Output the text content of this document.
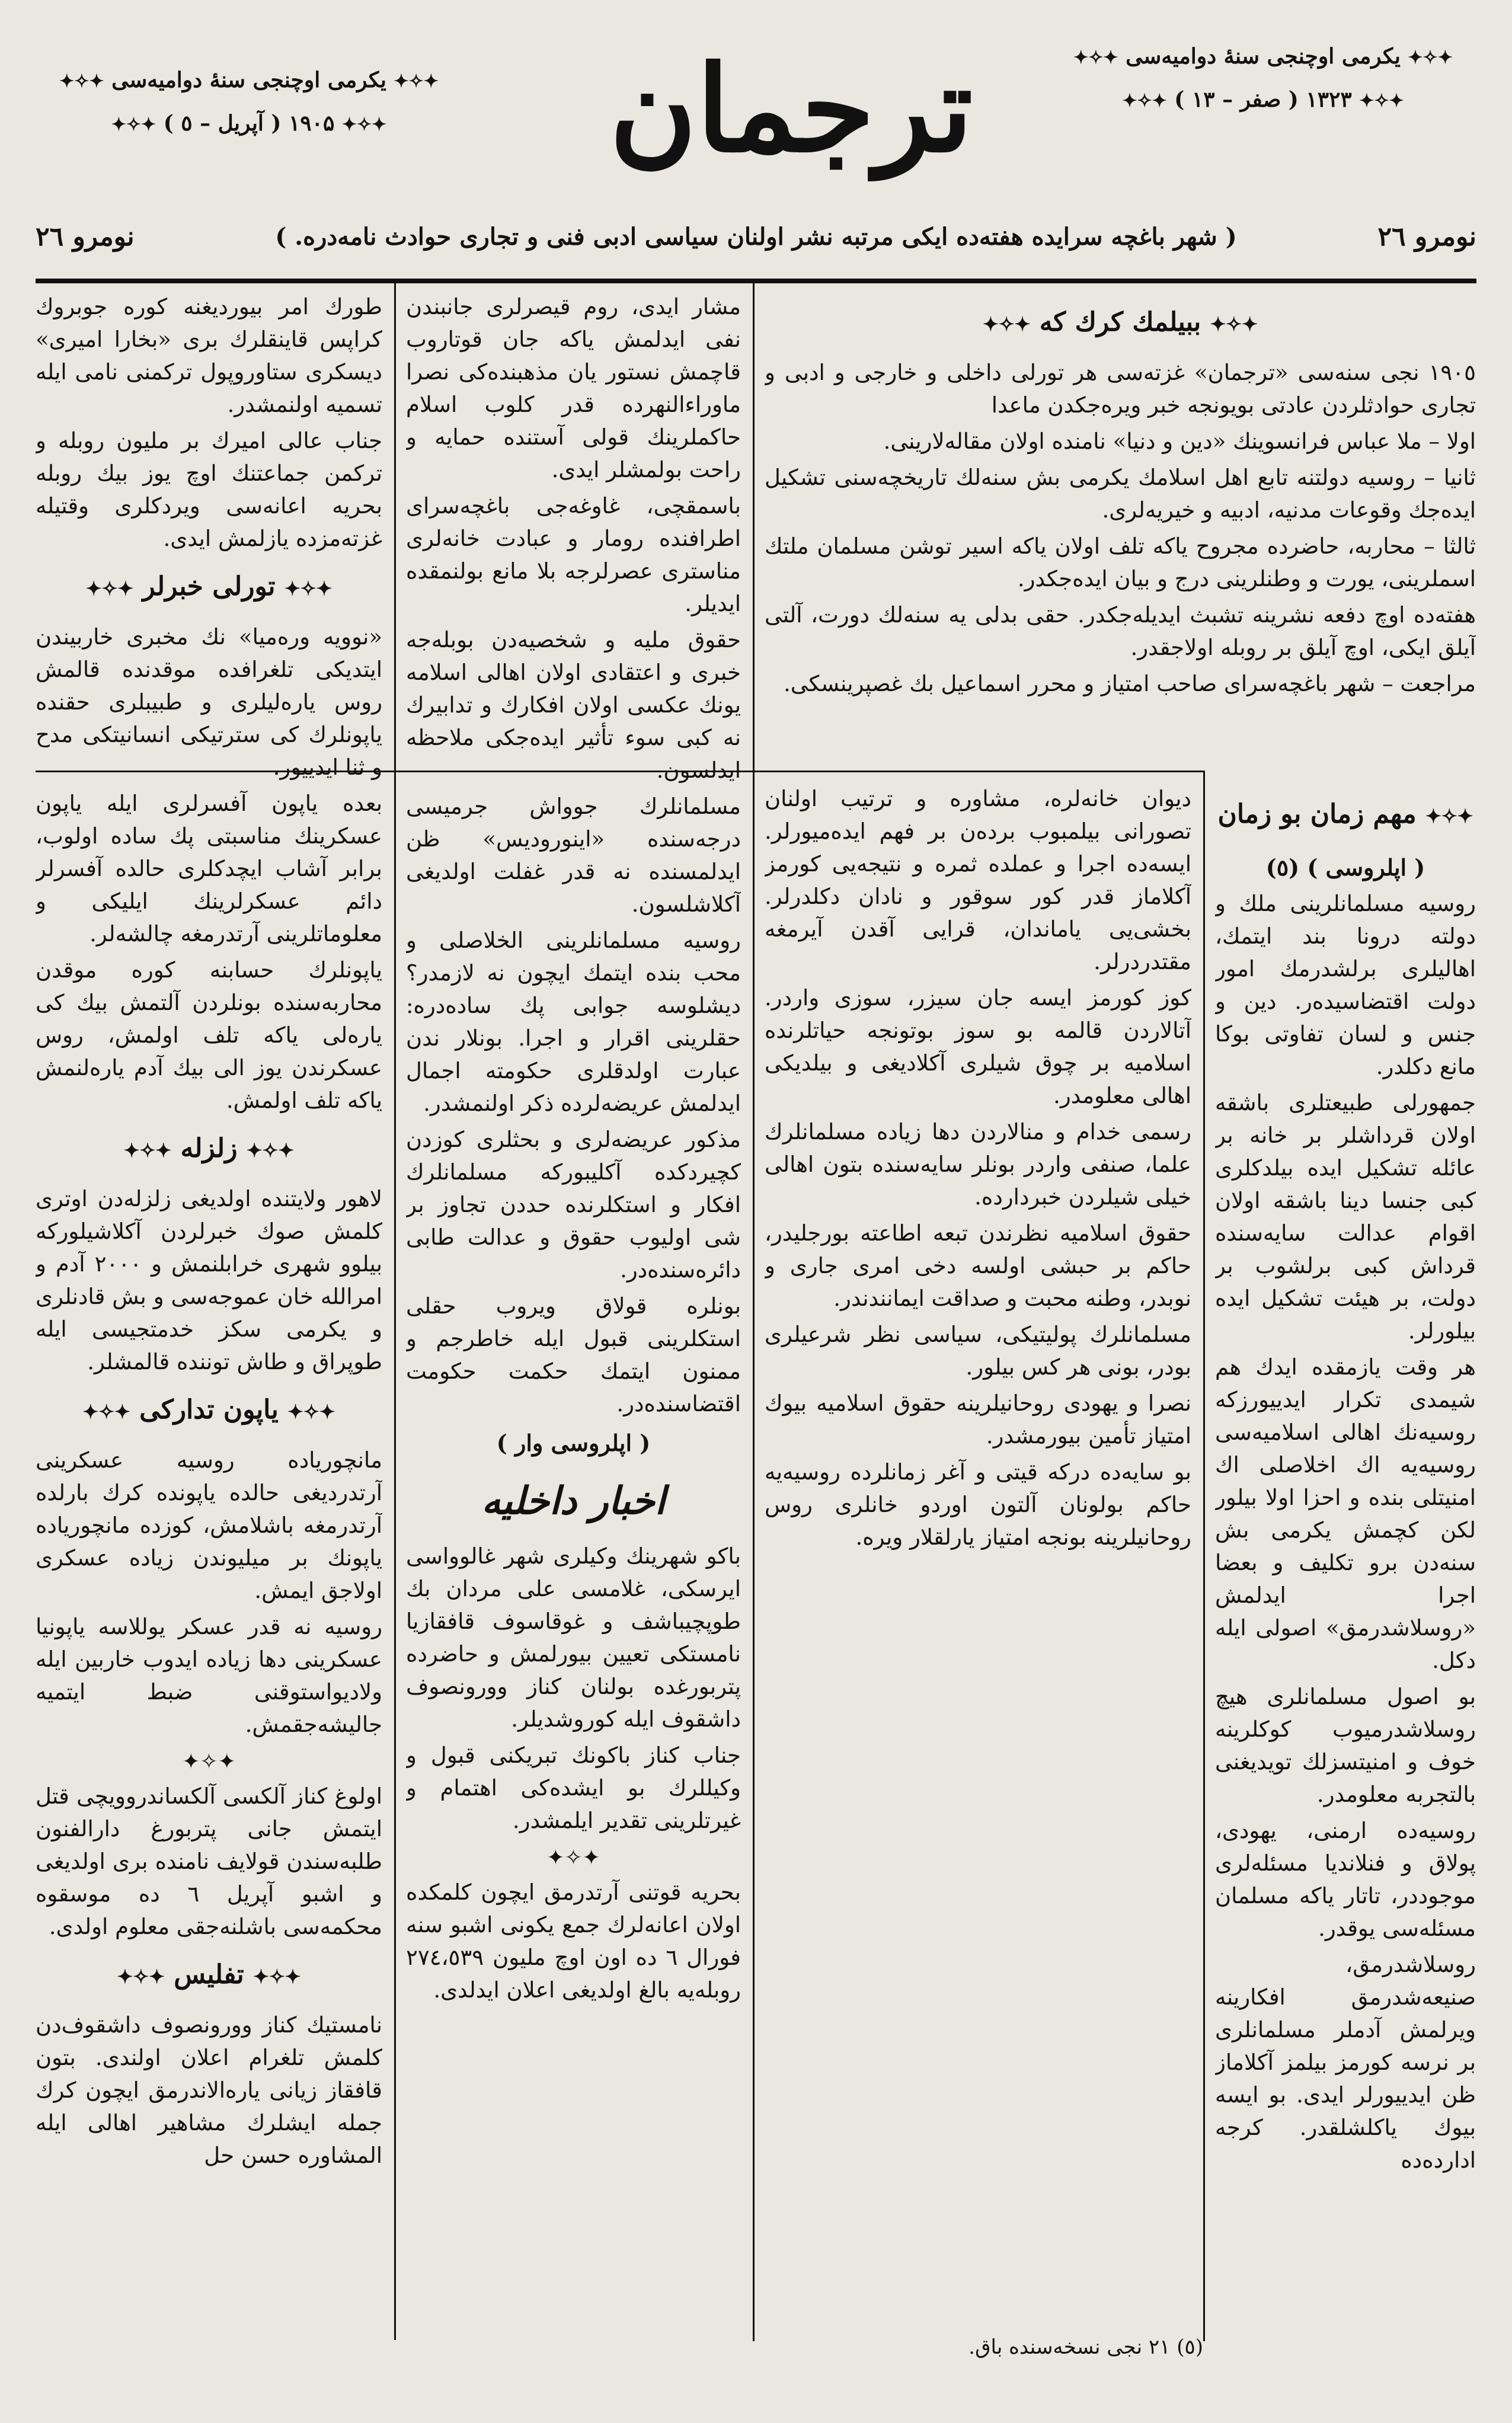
✦✧✦ یکرمی اوچنجی سنهٔ دوامیه‌سی ✦✧✦
✦✧✦ ۱۳۲۳ ( صفر – ۱۳ ) ✦✧✦
ترجمان
✦✧✦ یکرمی اوچنجی سنهٔ دوامیه‌سی ✦✧✦
✦✧✦ ۱۹۰۵ ( آپریل – ٥ ) ✦✧✦
نومرو ۲٦
( شهر باغچه سرایده هفته‌ده ایکی مرتبه نشر اولنان سیاسی ادبی فنی و تجاری حوادث نامه‌دره. )
نومرو ۲٦
✦✧✦ ببیلمك كرك كه ✦✧✦

۱۹۰٥ نجی سنه‌سی «ترجمان» غزته‌سی هر تورلی داخلی و خارجی و ادبی و تجاری حوادثلردن عادتی بویونجه خبر ویره‌جکدن ماعدا

اولا – ملا عباس فرانسوینك «دین و دنیا» نامنده اولان مقاله‌لارینی.

ثانیا – روسیه دولتنه تابع اهل اسلامك یکرمی بش سنه‌لك تاریخچه‌سنی تشکیل ایده‌جك وقوعات مدنیه، ادبیه و خیریه‌لری.

ثالثا – محاربه، حاضرده مجروح یاکه تلف اولان یاکه اسیر توشن مسلمان ملتك اسملرینی، یورت و وطنلرینی درج و بیان ایده‌جکدر.

هفته‌ده اوچ دفعه نشرینه تشبث ایدیله‌جکدر. حقی بدلی یه سنه‌لك دورت، آلتی آیلق ایکی، اوچ آیلق بر روبله اولاجقدر.

مراجعت – شهر باغچه‌سرای صاحب امتیاز و محرر اسماعیل بك غصپرینسکی.

✦✧✦ مهم زمان بو زمان
( اپلروسی ) (٥)

روسیه مسلمانلرینی ملك و دولته درونا بند ایتمك، اهالیلری برلشدرمك امور دولت اقتضاسیده‌ر. دین و جنس و لسان تفاوتی بوکا مانع دکلدر.

جمهورلی طبیعتلری باشقه اولان قرداشلر بر خانه بر عائله تشکیل ایده بیلدکلری کبی جنسا دینا باشقه اولان اقوام عدالت سایه‌سنده قرداش کبی برلشوب بر دولت، بر هیئت تشکیل ایده بیلورلر.

هر وقت یازمقده ایدك هم شیمدی تکرار ایدییورزکه روسیه‌نك اهالی اسلامیه‌سی روسیه‌یه اك اخلاصلی اك امنیتلی بنده و احزا اولا بیلور لکن کچمش یکرمی بش سنه‌دن برو تکلیف و بعضا اجرا ایدلمش «روسلاشدرمق» اصولی ایله دکل.

بو اصول مسلمانلری هیچ روسلاشدرمیوب کوکلرینه خوف و امنیتسزلك تویدیغنی بالتجربه معلومدر.

روسیه‌ده ارمنی، یهودی، پولاق و فنلاندیا مسئله‌لری موجوددر، تاتار یاکه مسلمان مسئله‌سی یوقدر.

روسلاشدرمق، صنیعه‌شدرمق افکارینه ویرلمش آدملر مسلمانلری بر نرسه کورمز بیلمز آکلاماز ظن ایدییورلر ایدی. بو ایسه بیوك یاکلشلقدر. کرجه ادارده‌ده

دیوان خانه‌لره، مشاوره و ترتیب اولنان تصورانی بیلمبوب برده‌ن بر فهم ایده‌میورلر. ایسه‌ده اجرا و عملده ثمره و نتیجه‌یی کورمز آکلاماز قدر کور سوقور و نادان دکلدرلر. بخشی‌یی یاماندان، قرایی آقدن آیرمغه مقتدردرلر.

کوز کورمز ایسه جان سیزر، سوزی واردر. آتالاردن قالمه بو سوز بوتونجه حیاتلرنده اسلامیه بر چوق شیلری آکلادیغی و بیلدیکی اهالی معلومدر.

رسمی خدام و منالاردن دها زیاده مسلمانلرك علما، صنفی واردر بونلر سایه‌سنده بتون اهالی خیلی شیلردن خبردارده.

حقوق اسلامیه نظرندن تبعه اطاعته بورجلیدر، حاکم بر حبشی اولسه دخی امری جاری و نوبدر، وطنه محبت و صداقت ایمانندندر.

مسلمانلرك پولیتیکی، سیاسی نظر شرعیلری بودر، بونی هر کس بیلور.

نصرا و یهودی روحانیلرینه حقوق اسلامیه بیوك امتیاز تأمین بیورمشدر.

بو سایه‌ده درکه قیتی و آغر زمانلرده روسیه‌یه حاکم بولونان آلتون اوردو خانلری روس روحانیلرینه بونجه امتیاز یارلقلار ویره.

مشار ایدی، روم قیصرلری جانبندن نفی ایدلمش یاکه جان قوتاروب قاچمش نستور یان مذهبنده‌کی نصرا ماوراءالنهرده قدر کلوب اسلام حاکملرینك قولی آستنده حمایه و راحت بولمشلر ایدی.

باسمقچی، غاوغه‌جی باغچه‌سرای اطرافنده رومار و عبادت خانه‌لری مناستری عصرلرجه بلا مانع بولنمقده ایدیلر.

حقوق ملیه و شخصیه‌دن بوبله‌جه خبری و اعتقادی اولان اهالی اسلامه یونك عکسی اولان افکارك و تدابیرك نه کبی سوء تأثیر ایده‌جکی ملاحظه ایدلسون.

مسلمانلرك جوواش جرمیسی درجه‌سنده «اینورودیس» ظن ایدلمسنده نه قدر غفلت اولدیغی آکلاشلسون.

روسیه مسلمانلرینی الخلاصلی و محب بنده ایتمك ایچون نه لازمدر؟ دیشلوسه جوابی پك ساده‌دره: حقلرینی اقرار و اجرا. بونلار ندن عبارت اولدقلری حکومته اجمال ایدلمش عریضه‌لرده ذکر اولنمشدر.

مذکور عریضه‌لری و بحثلری کوزدن کچیردکده آکلیبورکه مسلمانلرك افکار و استکلرنده حددن تجاوز بر شی اولیوب حقوق و عدالت طابی دائره‌سنده‌در.

بونلره قولاق ویروب حقلی استکلرینی قبول ایله خاطرجم و ممنون ایتمك حکمت حکومت اقتضاسنده‌در.

( اپلروسی وار )
اخبار داخلیه

باکو شهرینك وکیلری شهر غالوواسی ایرسکی، غلامسی علی مردان بك طوپچیباشف و غوقاسوف قافقازیا نامستکی تعیین بیورلمش و حاضرده پتربورغده بولنان کناز وورونصوف داشقوف ایله کوروشدیلر.

جناب کناز باکونك تبریکنی قبول و وکیللرك بو ایشده‌کی اهتمام و غیرتلرینی تقدیر ایلمشدر.

✦✧✦

بحریه قوتنی آرتدرمق ایچون کلمکده اولان اعانه‌لرك جمع یکونی اشبو سنه فورال ٦ ده اون اوچ ملیون ۲۷٤،٥۳۹ روبله‌یه بالغ اولدیغی اعلان ایدلدی.

طورك امر بیوردیغنه کوره جوبروك کراپس قاینقلرك بری «بخارا امیری» دیسکری ستاوروپول ترکمنی نامی ایله تسمیه اولنمشدر.

جناب عالی امیرك بر ملیون روبله و ترکمن جماعتنك اوچ یوز بیك روبله بحریه اعانه‌سی ویردکلری وقتیله غزته‌مزده یازلمش ایدی.

✦✧✦ تورلی خبرلر ✦✧✦

«نوویه وره‌میا» نك مخبری خاربیندن ایتدیکی تلغرافده موقدنده قالمش روس یاره‌لیلری و طبیبلری حقنده یاپونلرك کی سترتیکی انسانیتکی مدح و ثنا ایدییور.

بعده یاپون آفسرلری ایله یاپون عسکرینك مناسبتی پك ساده اولوب، برابر آشاب ایچدکلری حالده آفسرلر دائم عسکرلرینك ایلیکی و معلوماتلرینی آرتدرمغه چالشه‌لر.

یاپونلرك حسابنه کوره موقدن محاربه‌سنده بونلردن آلتمش بیك کی یاره‌لی یاکه تلف اولمش، روس عسکرندن یوز الی بیك آدم یاره‌لنمش یاکه تلف اولمش.

✦✧✦ زلزله ✦✧✦

لاهور ولایتنده اولدیغی زلزله‌دن اوتری کلمش صوك خبرلردن آکلاشیلورکه بیلوو شهری خرابلنمش و ۲۰۰۰ آدم و امرالله خان عموجه‌سی و بش قادنلری و یکرمی سکز خدمتجیسی ایله طوپراق و طاش توننده قالمشلر.

✦✧✦ یاپون تدارکی ✦✧✦

مانچوریاده روسیه عسکرینی آرتدردیغی حالده یاپونده کرك بارلده آرتدرمغه باشلامش، کوزده مانچوریاده یاپونك بر میلیوندن زیاده عسکری اولاجق ایمش.

روسیه نه قدر عسکر یوللاسه یاپونیا عسکرینی دها زیاده ایدوب خاربین ایله ولادیواستوقنی ضبط ایتمیه جالیشه‌جقمش.

✦✧✦

اولوغ کناز آلکسی آلکساندروویچی قتل ایتمش جانی پتربورغ دارالفنون طلبه‌سندن قولایف نامنده بری اولدیغی و اشبو آپریل ٦ ده موسقوه محکمه‌سی باشلنه‌جقی معلوم اولدی.

✦✧✦ تفلیس ✦✧✦

نامستیك کناز وورونصوف داشقوف‌دن کلمش تلغرام اعلان اولندی. بتون قافقاز زیانی یاره‌الاندرمق ایچون کرك جمله ایشلرك مشاهیر اهالی ایله المشاوره حسن حل

(٥) ۲۱ نجی نسخه‌سنده باق.
